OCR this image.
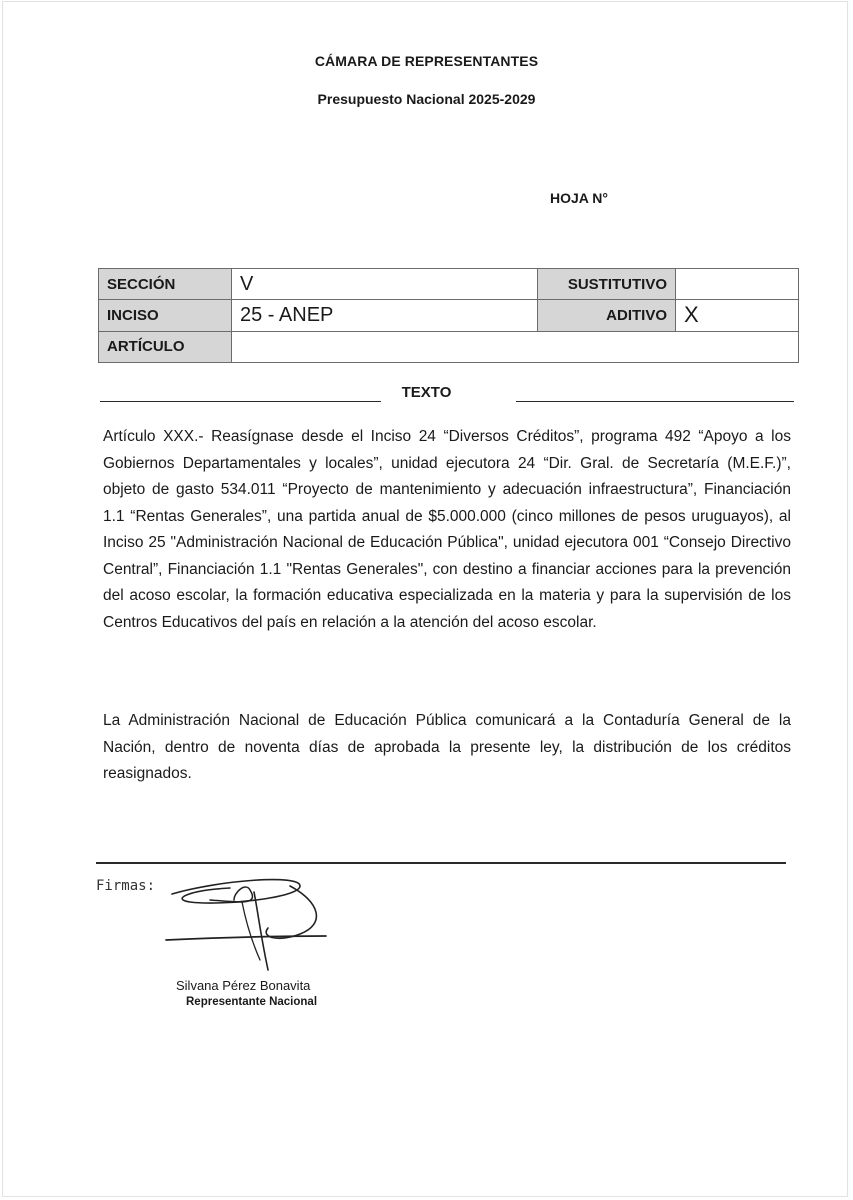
CÁMARA DE REPRESENTANTES
Presupuesto Nacional 2025-2029
HOJA N°
SECCIÓN	V	SUSTITUTIVO	
INCISO	25 - ANEP	ADITIVO	X
ARTÍCULO			
TEXTO

Artículo XXX.- Reasígnase desde el Inciso 24 “Diversos Créditos”, programa 492 “Apoyo a los Gobiernos Departamentales y locales”, unidad ejecutora 24 “Dir. Gral. de Secretaría (M.E.F.)”, objeto de gasto 534.011 “Proyecto de mantenimiento y adecuación infraestructura”, Financiación 1.1 “Rentas Generales”, una partida anual de $5.000.000 (cinco millones de pesos uruguayos), al Inciso 25 "Administración Nacional de Educación Pública", unidad ejecutora 001 “Consejo Directivo Central”, Financiación 1.1 "Rentas Generales", con destino a financiar acciones para la prevención del acoso escolar, la formación educativa especializada en la materia y para la supervisión de los Centros Educativos del país en relación a la atención del acoso escolar.

La Administración Nacional de Educación Pública comunicará a la Contaduría General de la Nación, dentro de noventa días de aprobada la presente ley, la distribución de los créditos reasignados.

Firmas:
Silvana Pérez Bonavita
Representante Nacional
